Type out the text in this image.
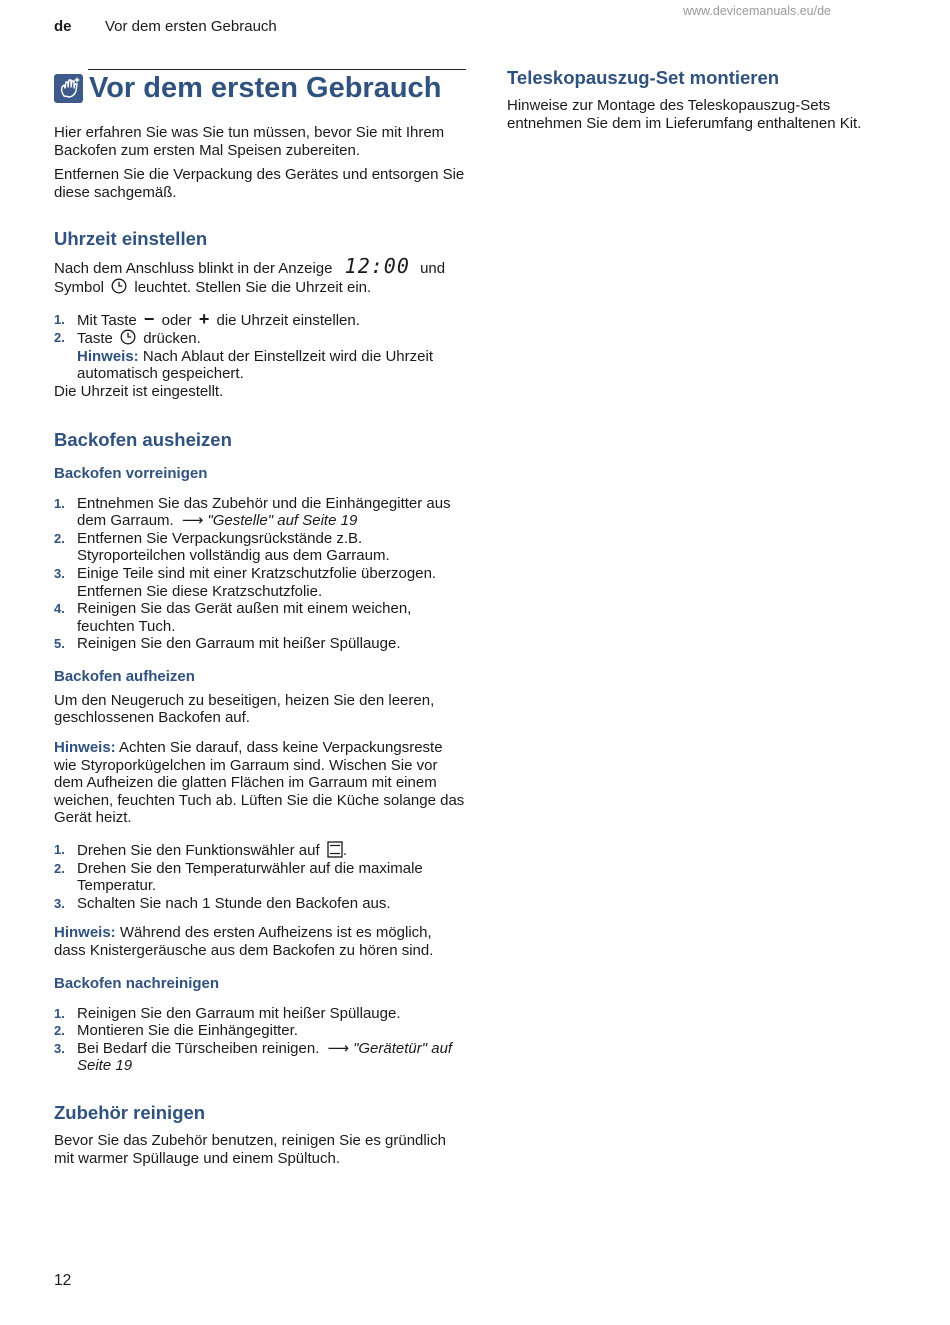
www.devicemanuals.eu/de
de Vor dem ersten Gebrauch
Vor dem ersten Gebrauch

Hier erfahren Sie was Sie tun müssen, bevor Sie mit Ihrem Backofen zum ersten Mal Speisen zubereiten.

Entfernen Sie die Verpackung des Gerätes und entsorgen Sie diese sachgemäß.

Uhrzeit einstellen

Nach dem Anschluss blinkt in der Anzeige 12:00 und Symbol leuchtet. Stellen Sie die Uhrzeit ein.

1. Mit Taste − oder + die Uhrzeit einstellen.
2. Taste drücken.
Hinweis: Nach Ablaut der Einstellzeit wird die Uhrzeit automatisch gespeichert.

Die Uhrzeit ist eingestellt.

Backofen ausheizen
Backofen vorreinigen
1. Entnehmen Sie das Zubehör und die Einhängegitter aus dem Garraum. ⟶ "Gestelle" auf Seite 19
2. Entfernen Sie Verpackungsrückstände z.B. Styroporteilchen vollständig aus dem Garraum.
3. Einige Teile sind mit einer Kratzschutzfolie überzogen. Entfernen Sie diese Kratzschutzfolie.
4. Reinigen Sie das Gerät außen mit einem weichen, feuchten Tuch.
5. Reinigen Sie den Garraum mit heißer Spüllauge.
Backofen aufheizen

Um den Neugeruch zu beseitigen, heizen Sie den leeren, geschlossenen Backofen auf.

Hinweis: Achten Sie darauf, dass keine Verpackungsreste wie Styroporkügelchen im Garraum sind. Wischen Sie vor dem Aufheizen die glatten Flächen im Garraum mit einem weichen, feuchten Tuch ab. Lüften Sie die Küche solange das Gerät heizt.

1. Drehen Sie den Funktionswähler auf .
2. Drehen Sie den Temperaturwähler auf die maximale Temperatur.
3. Schalten Sie nach 1 Stunde den Backofen aus.

Hinweis: Während des ersten Aufheizens ist es möglich, dass Knistergeräusche aus dem Backofen zu hören sind.

Backofen nachreinigen
1. Reinigen Sie den Garraum mit heißer Spüllauge.
2. Montieren Sie die Einhängegitter.
3. Bei Bedarf die Türscheiben reinigen. ⟶ "Gerätetür" auf Seite 19
Zubehör reinigen

Bevor Sie das Zubehör benutzen, reinigen Sie es gründlich mit warmer Spüllauge und einem Spültuch.

Teleskopauszug-Set montieren

Hinweise zur Montage des Teleskopauszug-Sets entnehmen Sie dem im Lieferumfang enthaltenen Kit.

12
